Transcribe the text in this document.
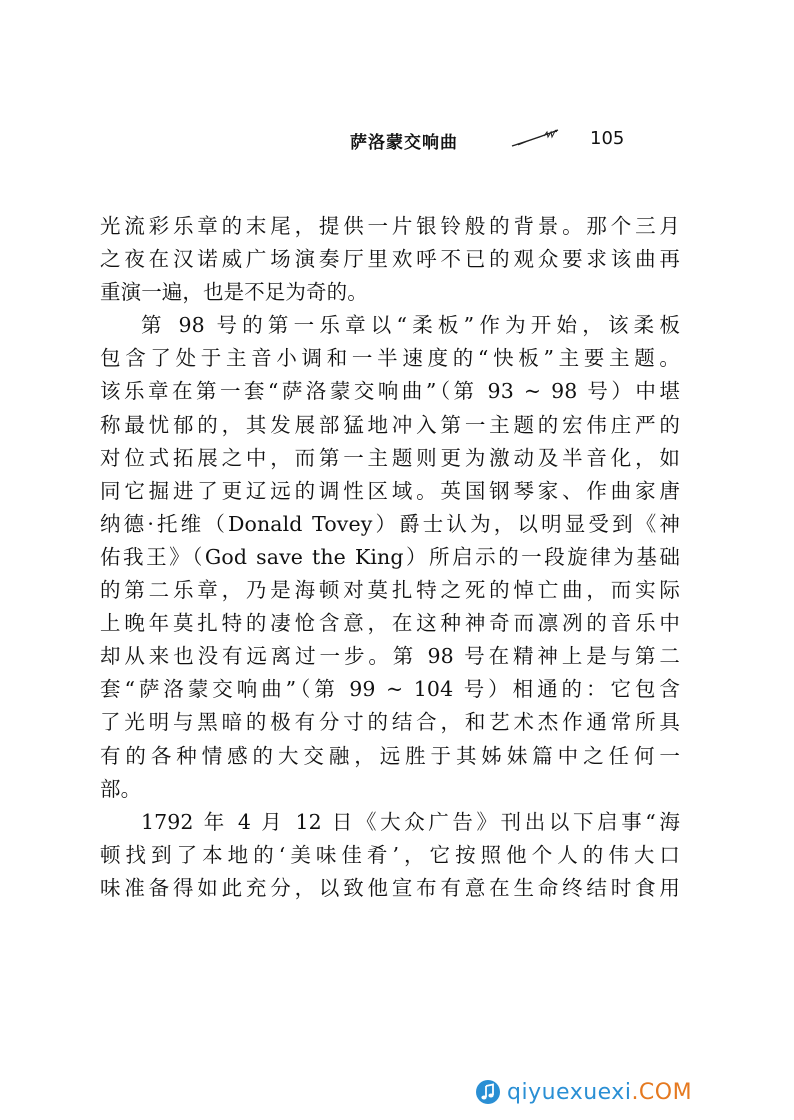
萨洛蒙交响曲	105
光流彩乐章的末尾，提供一片银铃般的背景。那个三月
之夜在汉诺威广场演奏厅里欢呼不已的观众要求该曲再
重演一遍，也是不足为奇的。
第 98 号的第一乐章以“柔板”作为开始，该柔板
包含了处于主音小调和一半速度的“快板”主要主题。
该乐章在第一套“萨洛蒙交响曲”（第 93 ~ 98 号）中堪
称最忧郁的，其发展部猛地冲入第一主题的宏伟庄严的
对位式拓展之中，而第一主题则更为激动及半音化，如
同它掘进了更辽远的调性区域。英国钢琴家、作曲家唐
纳德·托维（Donald Tovey）爵士认为，以明显受到《神
佑我王》（God save the King）所启示的一段旋律为基础
的第二乐章，乃是海顿对莫扎特之死的悼亡曲，而实际
上晚年莫扎特的凄怆含意，在这种神奇而凛冽的音乐中
却从来也没有远离过一步。第 98 号在精神上是与第二
套“萨洛蒙交响曲”（第 99 ~ 104 号）相通的：它包含
了光明与黑暗的极有分寸的结合，和艺术杰作通常所具
有的各种情感的大交融，远胜于其姊妹篇中之任何一
部。
1792 年 4 月 12 日《大众广告》刊出以下启事“海
顿找到了本地的‘美味佳肴’，它按照他个人的伟大口
味准备得如此充分，以致他宣布有意在生命终结时食用
qiyuexuexi.COM
